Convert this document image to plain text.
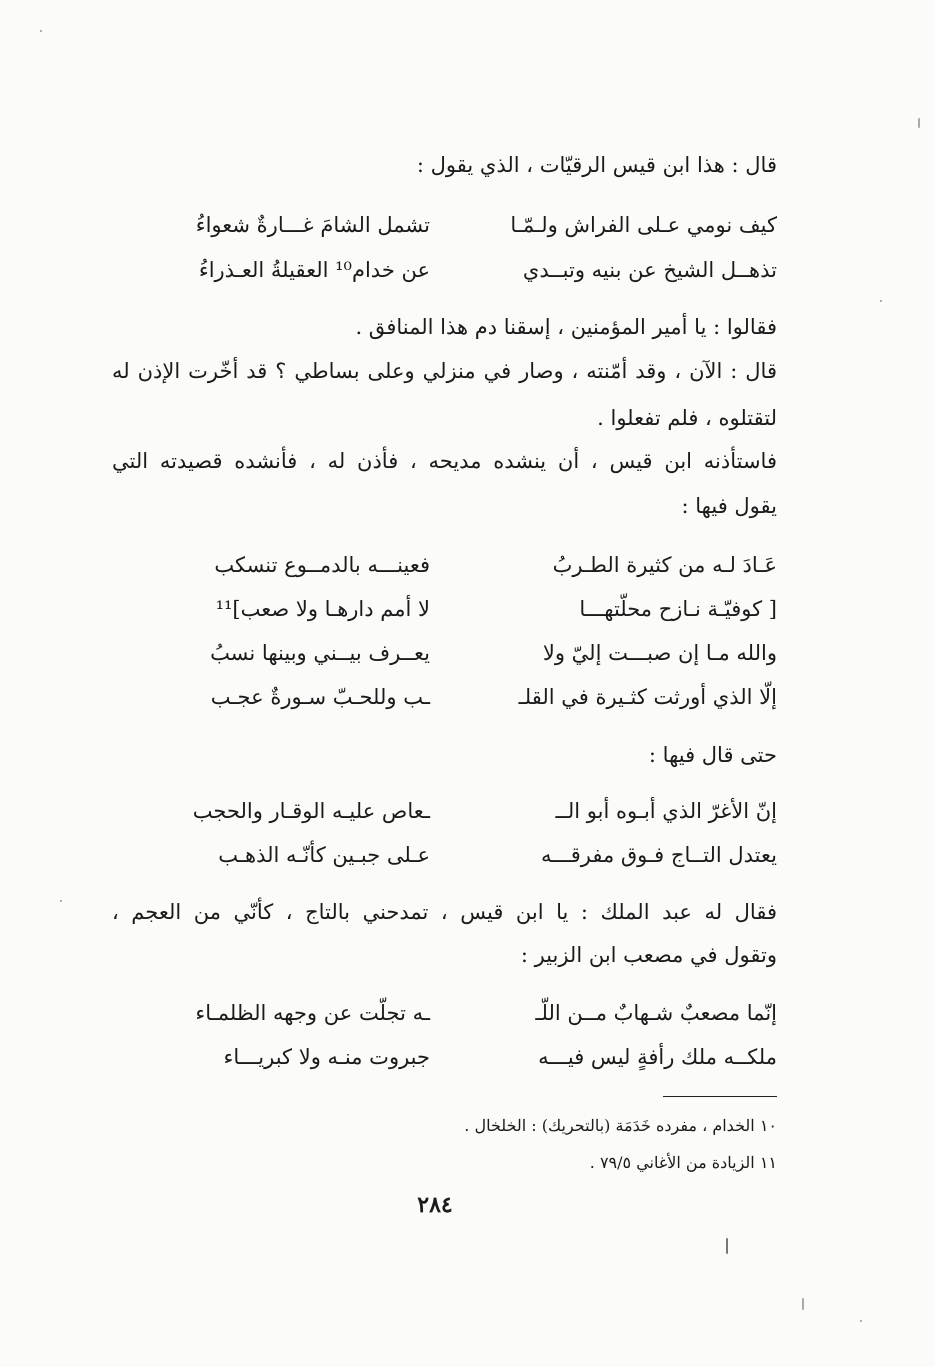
قال : هذا ابن قيس الرقيّات ، الذي يقول :
كيف نومي عـلى الفراش ولـمّـا
تشمل الشامَ غـــارةٌ شعواءُ
تذهــل الشيخ عن بنيه وتبــدي
عن خدام¹⁰ العقيلةُ العـذراءُ
فقالوا : يا أمير المؤمنين ، إسقنا دم هذا المنافق .
قال : الآن ، وقد أمّنته ، وصار في منزلي وعلى بساطي ؟ قد أخّرت الإذن له
لتقتلوه ، فلم تفعلوا .
فاستأذنه ابن قيس ، أن ينشده مديحه ، فأذن له ، فأنشده قصيدته التي
يقول فيها :
عَـادَ لـه من كثيرة الطـربُ
فعينـــه بالدمــوع تنسكب
[ كوفيّـة نـازح محلّتهـــا
لا أمم دارهـا ولا صعب]¹¹
والله مـا إن صبـــت إليّ ولا
يعــرف بيــني وبينها نسبُ
إلّا الذي أورثت كثـيرة في القلـ
ـب وللحـبّ سـورةٌ عجـب
حتى قال فيها :
إنّ الأغرّ الذي أبـوه أبو الــ
ـعاص عليـه الوقـار والحجب
يعتدل التــاج فـوق مفرقـــه
عـلى جبـين كأنّـه الذهـب
فقال له عبد الملك : يا ابن قيس ، تمدحني بالتاج ، كأنّي من العجم ،
وتقول في مصعب ابن الزبير :
إنّما مصعبٌ شـهابٌ مــن اللّـ
ـه تجلّت عن وجهه الظلمـاء
ملكــه ملك رأفةٍ ليس فيـــه
جبروت منـه ولا كبريـــاء
١٠ الخدام ، مفرده خَدَمَة (بالتحريك) : الخلخال .
١١ الزيادة من الأغاني ٧٩/٥ .
٢٨٤
